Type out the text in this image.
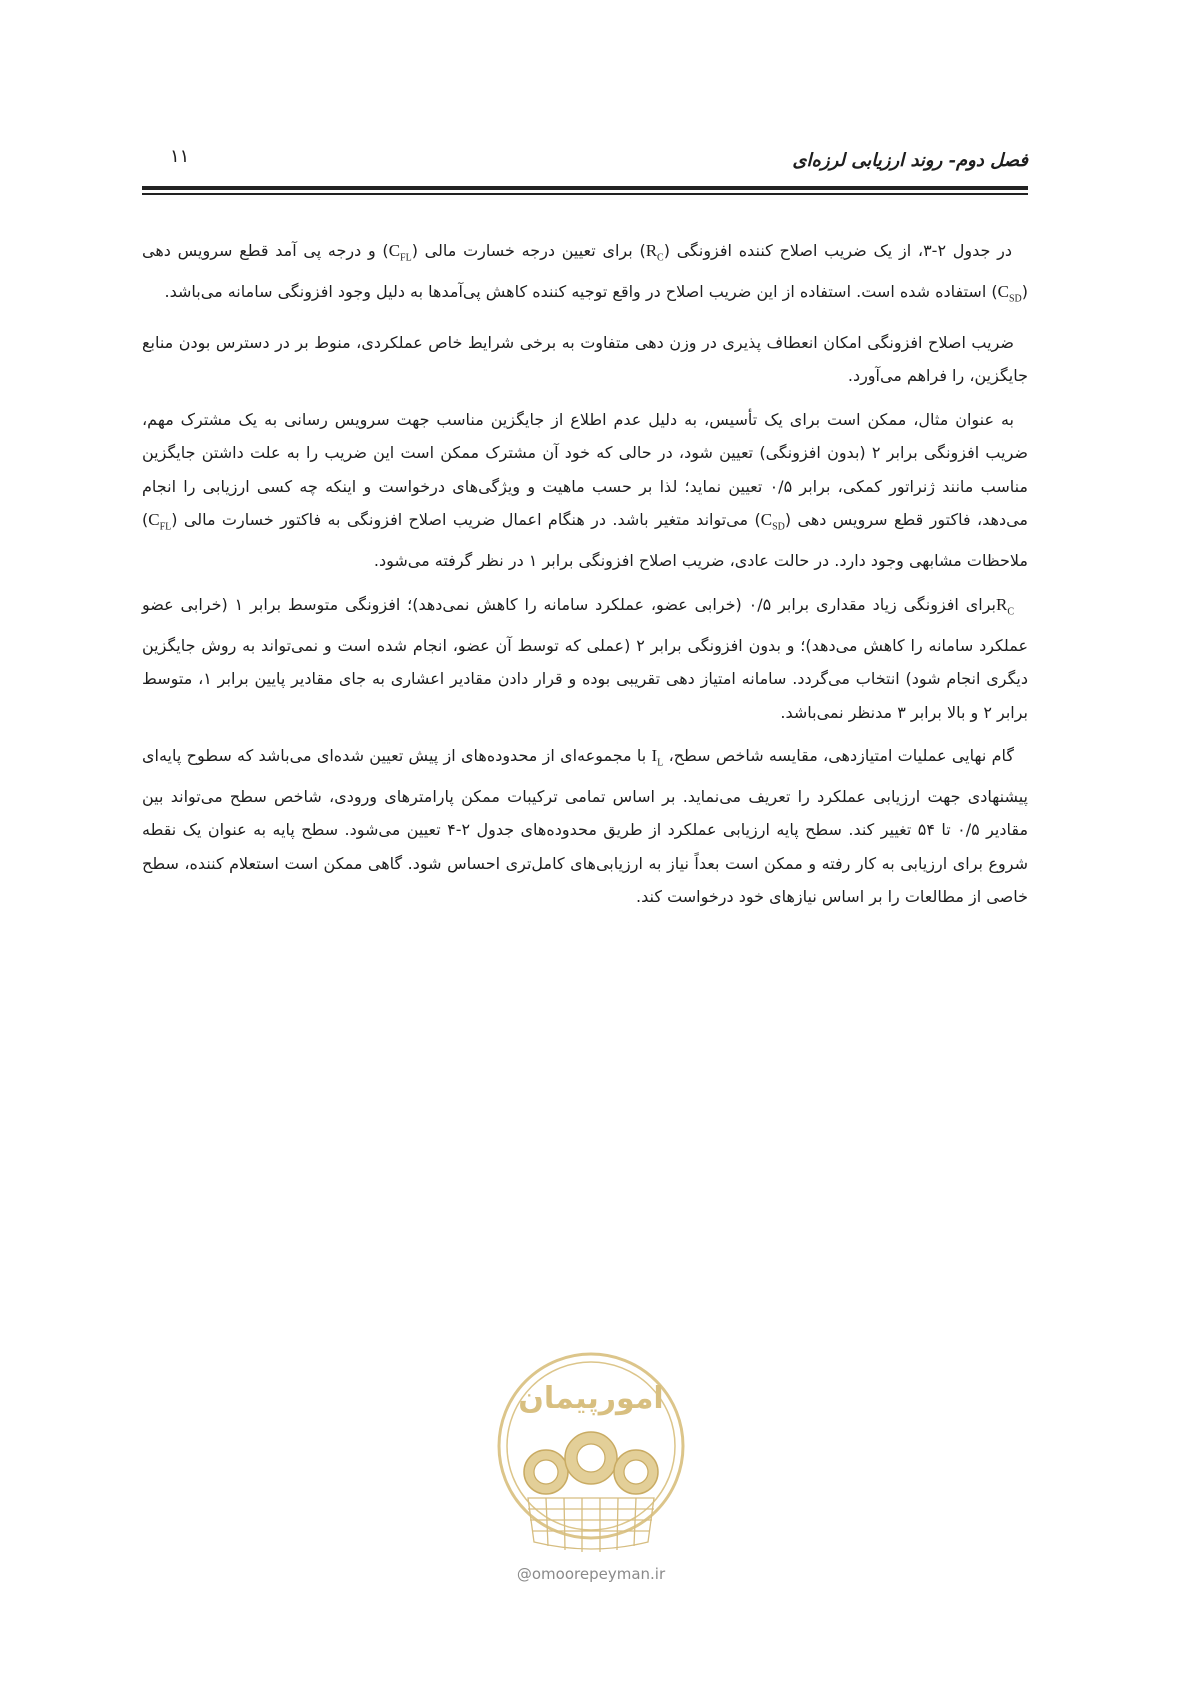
فصل دوم- روند ارزیابی لرزه‌ای
۱۱

در جدول ۲-۳، از یک ضریب اصلاح کننده افزونگی $(R_C)$ برای تعیین درجه خسارت مالی $(C_{FL})$ و درجه پی آمد قطع سرویس دهی $(C_{SD})$ استفاده شده است. استفاده از این ضریب اصلاح در واقع توجیه کننده کاهش پی‌آمدها به دلیل وجود افزونگی سامانه می‌باشد.

ضریب اصلاح افزونگی امکان انعطاف پذیری در وزن دهی متفاوت به برخی شرایط خاص عملکردی، منوط بر در دسترس بودن منابع جایگزین، را فراهم می‌آورد.

به عنوان مثال، ممکن است برای یک تأسیس، به دلیل عدم اطلاع از جایگزین مناسب جهت سرویس رسانی به یک مشترک مهم، ضریب افزونگی برابر ۲ (بدون افزونگی) تعیین شود، در حالی که خود آن مشترک ممکن است این ضریب را به علت داشتن جایگزین مناسب مانند ژنراتور کمکی، برابر ۰/۵ تعیین نماید؛ لذا بر حسب ماهیت و ویژگی‌های درخواست و اینکه چه کسی ارزیابی را انجام می‌دهد، فاکتور قطع سرویس دهی $(C_{SD})$ می‌تواند متغیر باشد. در هنگام اعمال ضریب اصلاح افزونگی به فاکتور خسارت مالی $(C_{FL})$ ملاحظات مشابهی وجود دارد. در حالت عادی، ضریب اصلاح افزونگی برابر ۱ در نظر گرفته می‌شود.

$R_Cبرای$ افزونگی زیاد مقداری برابر ۰/۵ (خرابی عضو، عملکرد سامانه را کاهش نمی‌دهد)؛ افزونگی متوسط برابر ۱ (خرابی عضو عملکرد سامانه را کاهش می‌دهد)؛ و بدون افزونگی برابر ۲ (عملی که توسط آن عضو، انجام شده است و نمی‌تواند به روش جایگزین دیگری انجام شود) انتخاب می‌گردد. سامانه امتیاز دهی تقریبی بوده و قرار دادن مقادیر اعشاری به جای مقادیر پایین برابر ۱، متوسط برابر ۲ و بالا برابر ۳ مدنظر نمی‌باشد.

گام نهایی عملیات امتیازدهی، مقایسه شاخص سطح، $I_L$ با مجموعه‌ای از محدوده‌های از پیش تعیین شده‌ای می‌باشد که سطوح پایه‌ای پیشنهادی جهت ارزیابی عملکرد را تعریف می‌نماید. بر اساس تمامی ترکیبات ممکن پارامترهای ورودی، شاخص سطح می‌تواند بین مقادیر ۰/۵ تا ۵۴ تغییر کند. سطح پایه ارزیابی عملکرد از طریق محدوده‌های جدول ۲-۴ تعیین می‌شود. سطح پایه به عنوان یک نقطه شروع برای ارزیابی به کار رفته و ممکن است بعداً نیاز به ارزیابی‌های کامل‌تری احساس شود. گاهی ممکن است استعلام کننده، سطح خاصی از مطالعات را بر اساس نیازهای خود درخواست کند.

امورپیمان
@omoorepeyman.ir
